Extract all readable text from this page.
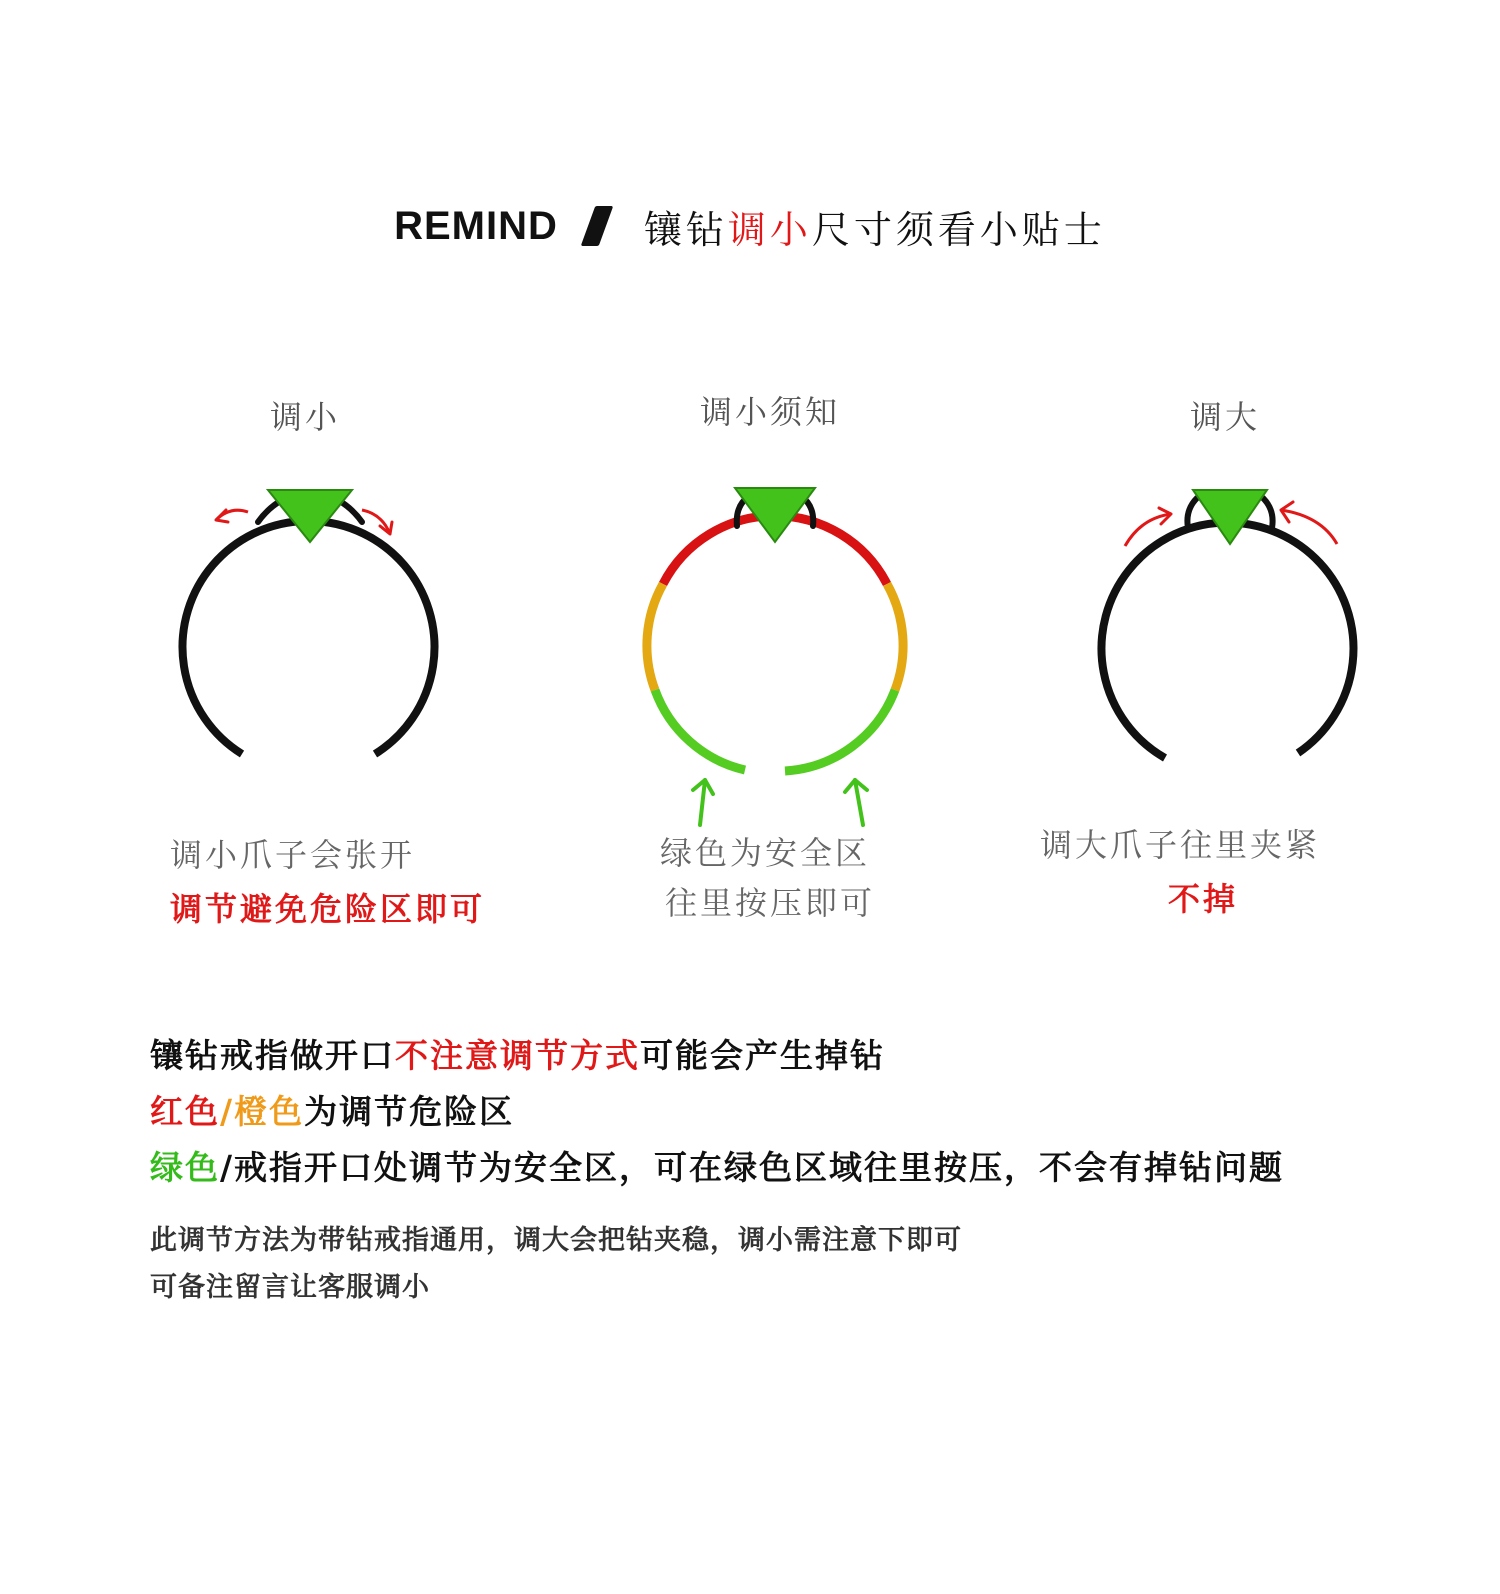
REMIND 镶钻调小尺寸须看小贴士
调小	调小须知	调大
调小爪子会张开
调节避免危险区即可
绿色为安全区
往里按压即可
调大爪子往里夹紧
不掉
镶钻戒指做开口不注意调节方式可能会产生掉钻
红色/橙色为调节危险区
绿色/戒指开口处调节为安全区，可在绿色区域往里按压，不会有掉钻问题
此调节方法为带钻戒指通用，调大会把钻夹稳，调小需注意下即可
可备注留言让客服调小
